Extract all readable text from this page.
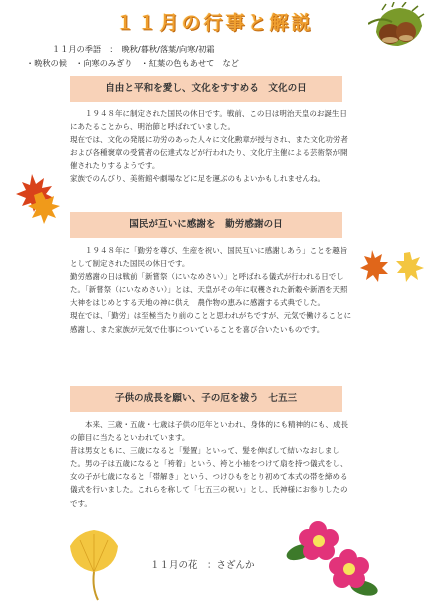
１１月の行事と解説
１１月の季語　：　晩秋/暮秋/落葉/向寒/初霜
・晩秋の候　・向寒のみぎり　・紅葉の色もあせて　など
自由と平和を愛し、文化をすすめる　文化の日

１９４８年に制定された国民の休日です。戦前、この日は明治天皇のお誕生日にあたることから、明治節と呼ばれていました。

現在では、文化の発展に功労のあった人々に文化勲章が授与され、また文化功労者および各種褒章の受賞者の伝達式などが行われたり、文化庁主催による芸術祭が開催されたりするようです。

家族でのんびり、美術館や劇場などに足を運ぶのもよいかもしれませんね。

国民が互いに感謝を　勤労感謝の日

１９４８年に「勤労を尊び、生産を祝い、国民互いに感謝しあう」ことを趣旨として制定された国民の休日です。

勤労感謝の日は戦前「新嘗祭（にいなめさい）」と呼ばれる儀式が行われる日でした。「新嘗祭（にいなめさい）」とは、天皇がその年に収穫された新穀や新酒を天照大神をはじめとする天地の神に供え　農作物の恵みに感謝する式典でした。

現在では、「勤労」は至極当たり前のことと思われがちですが、元気で働けることに感謝し、また家族が元気で仕事についていることを喜び合いたいものです。

子供の成長を願い、子の厄を祓う　七五三

本来、三歳・五歳・七歳は子供の厄年といわれ、身体的にも精神的にも、成長の節目に当たるといわれています。

昔は男女ともに、三歳になると「髪置」といって、髪を伸ばして結いなおしました。男の子は五歳になると「袴着」という、袴と小袖をつけて扇を持つ儀式をし、女の子が七歳になると「帯解き」という、つけひもをとり初めて本式の帯を締める儀式を行いました。これらを称して「七五三の祝い」とし、氏神様にお参りしたのです。

１１月の花　：さざんか
